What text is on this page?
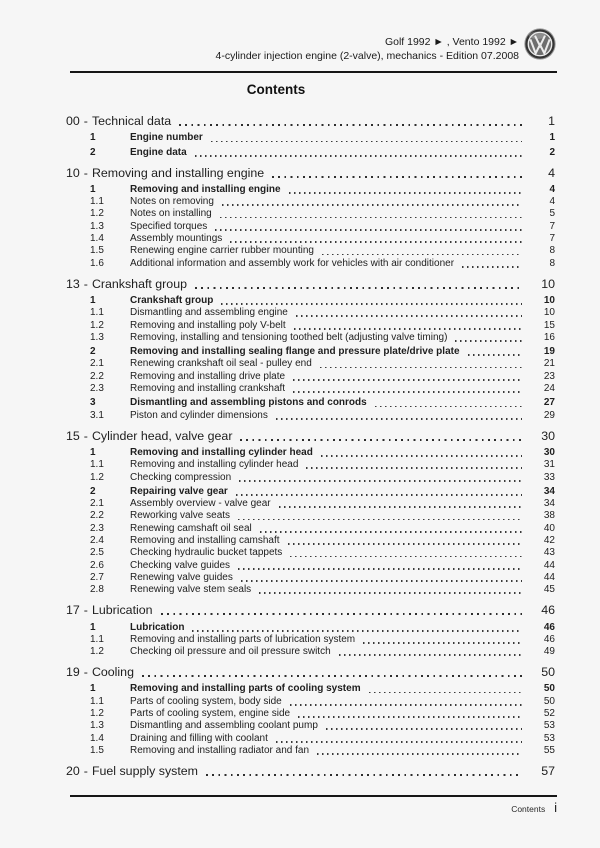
Golf 1992 ► , Vento 1992 ►
4-cylinder injection engine (2-valve), mechanics - Edition 07.2008
Contents
00 - Technical data	1
1	Engine number	1
2	Engine data	2
10 - Removing and installing engine	4
1	Removing and installing engine	4
1.1	Notes on removing	4
1.2	Notes on installing	5
1.3	Specified torques	7
1.4	Assembly mountings	7
1.5	Renewing engine carrier rubber mounting	8
1.6	Additional information and assembly work for vehicles with air conditioner	8
13 - Crankshaft group	10
1	Crankshaft group	10
1.1	Dismantling and assembling engine	10
1.2	Removing and installing poly V-belt	15
1.3	Removing, installing and tensioning toothed belt (adjusting valve timing)	16
2	Removing and installing sealing flange and pressure plate/drive plate	19
2.1	Renewing crankshaft oil seal - pulley end	21
2.2	Removing and installing drive plate	23
2.3	Removing and installing crankshaft	24
3	Dismantling and assembling pistons and conrods	27
3.1	Piston and cylinder dimensions	29
15 - Cylinder head, valve gear	30
1	Removing and installing cylinder head	30
1.1	Removing and installing cylinder head	31
1.2	Checking compression	33
2	Repairing valve gear	34
2.1	Assembly overview - valve gear	34
2.2	Reworking valve seats	38
2.3	Renewing camshaft oil seal	40
2.4	Removing and installing camshaft	42
2.5	Checking hydraulic bucket tappets	43
2.6	Checking valve guides	44
2.7	Renewing valve guides	44
2.8	Renewing valve stem seals	45
17 - Lubrication	46
1	Lubrication	46
1.1	Removing and installing parts of lubrication system	46
1.2	Checking oil pressure and oil pressure switch	49
19 - Cooling	50
1	Removing and installing parts of cooling system	50
1.1	Parts of cooling system, body side	50
1.2	Parts of cooling system, engine side	52
1.3	Dismantling and assembling coolant pump	53
1.4	Draining and filling with coolant	53
1.5	Removing and installing radiator and fan	55
20 - Fuel supply system	57
Contents i
